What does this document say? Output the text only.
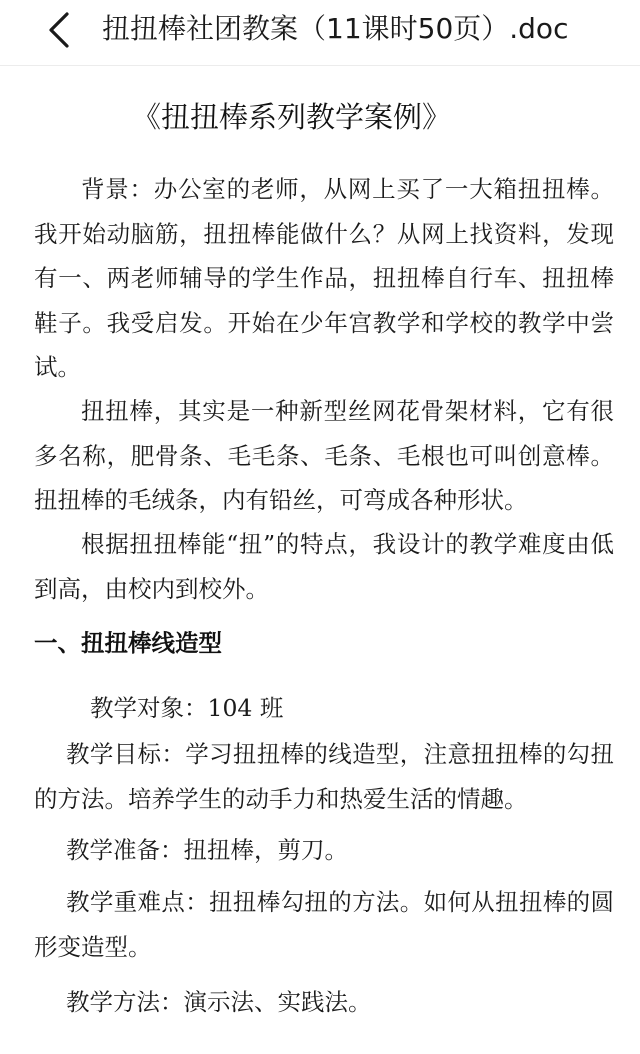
扭扭棒社团教案（11课时50页）.doc
《扭扭棒系列教学案例》

背景：办公室的老师，从网上买了一大箱扭扭棒。我开始动脑筋，扭扭棒能做什么？从网上找资料，发现有一、两老师辅导的学生作品，扭扭棒自行车、扭扭棒鞋子。我受启发。开始在少年宫教学和学校的教学中尝试。

扭扭棒，其实是一种新型丝网花骨架材料，它有很多名称，肥骨条、毛毛条、毛条、毛根也可叫创意棒。扭扭棒的毛绒条，内有铅丝，可弯成各种形状。

根据扭扭棒能“扭”的特点，我设计的教学难度由低到高，由校内到校外。

一、扭扭棒线造型

教学对象：104 班

教学目标：学习扭扭棒的线造型，注意扭扭棒的勾扭的方法。培养学生的动手力和热爱生活的情趣。

教学准备：扭扭棒，剪刀。

教学重难点：扭扭棒勾扭的方法。如何从扭扭棒的圆形变造型。

教学方法：演示法、实践法。
